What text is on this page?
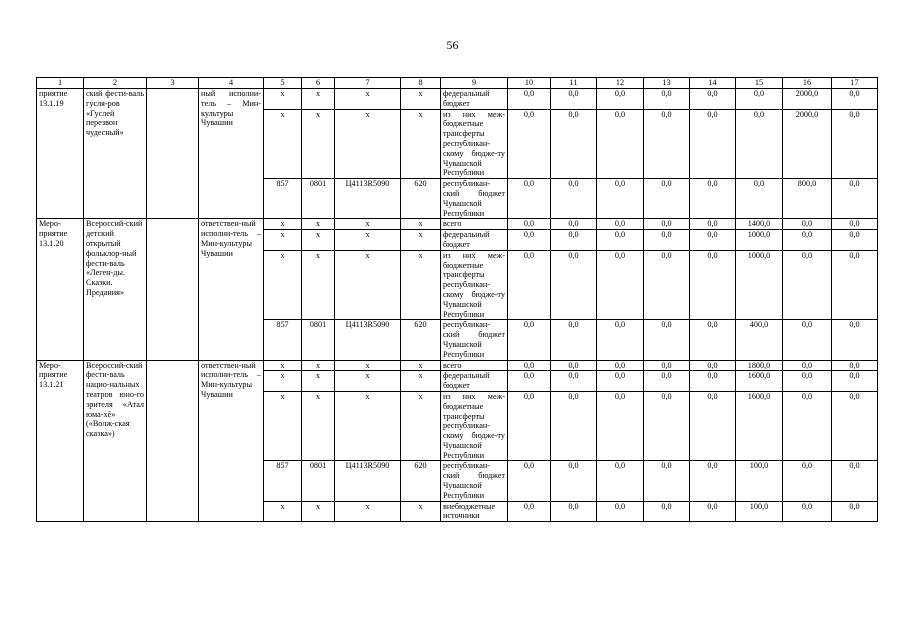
56
1	2	3	4	5	6	7	8	9	10	11	12	13	14	15	16	17
приятие 13.1.19	ский фести-валь гусля-ров «Гуслей перезвон чудесный»		ный исполни-тель – Мин-культуры Чувашии	x	x	x	x	федеральный бюджет	0,0	0,0	0,0	0,0	0,0	0,0	2000,0	0,0
				x	x	x	x	из них меж-бюджетные трансферты республикан-скому бюдже-ту Чувашской Республики	0,0	0,0	0,0	0,0	0,0	0,0	2000,0	0,0
				857	0801	Ц4113R5090	620	республикан-ский бюджет Чувашской Республики	0,0	0,0	0,0	0,0	0,0	0,0	800,0	0,0
Меро-приятие 13.1.20	Всероссий-ский детский открытый фольклор-ный фести-валь «Леген-ды. Сказки. Предания»		ответствен-ный исполни-тель – Мин-культуры Чувашии	x	x	x	x	всего	0,0	0,0	0,0	0,0	0,0	1400,0	0,0	0,0
				x	x	x	x	федеральный бюджет	0,0	0,0	0,0	0,0	0,0	1000,0	0,0	0,0
				x	x	x	x	из них меж-бюджетные трансферты республикан-скому бюдже-ту Чувашской Республики	0,0	0,0	0,0	0,0	0,0	1000,0	0,0	0,0
				857	0801	Ц4113R5090	620	республикан-ский бюджет Чувашской Республики	0,0	0,0	0,0	0,0	0,0	400,0	0,0	0,0
Меро-приятие 13.1.21	Всероссий-ский фести-валь нацио-нальных театров юно-го зрителя «Атал юма-хĕ» («Волж-ская сказка»)		ответствен-ный исполни-тель – Мин-культуры Чувашии	x	x	x	x	всего	0,0	0,0	0,0	0,0	0,0	1800,0	0,0	0,0
				x	x	x	x	федеральный бюджет	0,0	0,0	0,0	0,0	0,0	1600,0	0,0	0,0
				x	x	x	x	из них меж-бюджетные трансферты республикан-скому бюдже-ту Чувашской Республики	0,0	0,0	0,0	0,0	0,0	1600,0	0,0	0,0
				857	0801	Ц4113R5090	620	республикан-ский бюджет Чувашской Республики	0,0	0,0	0,0	0,0	0,0	100,0	0,0	0,0
				x	x	x	x	внебюджетные источники	0,0	0,0	0,0	0,0	0,0	100,0	0,0	0,0
